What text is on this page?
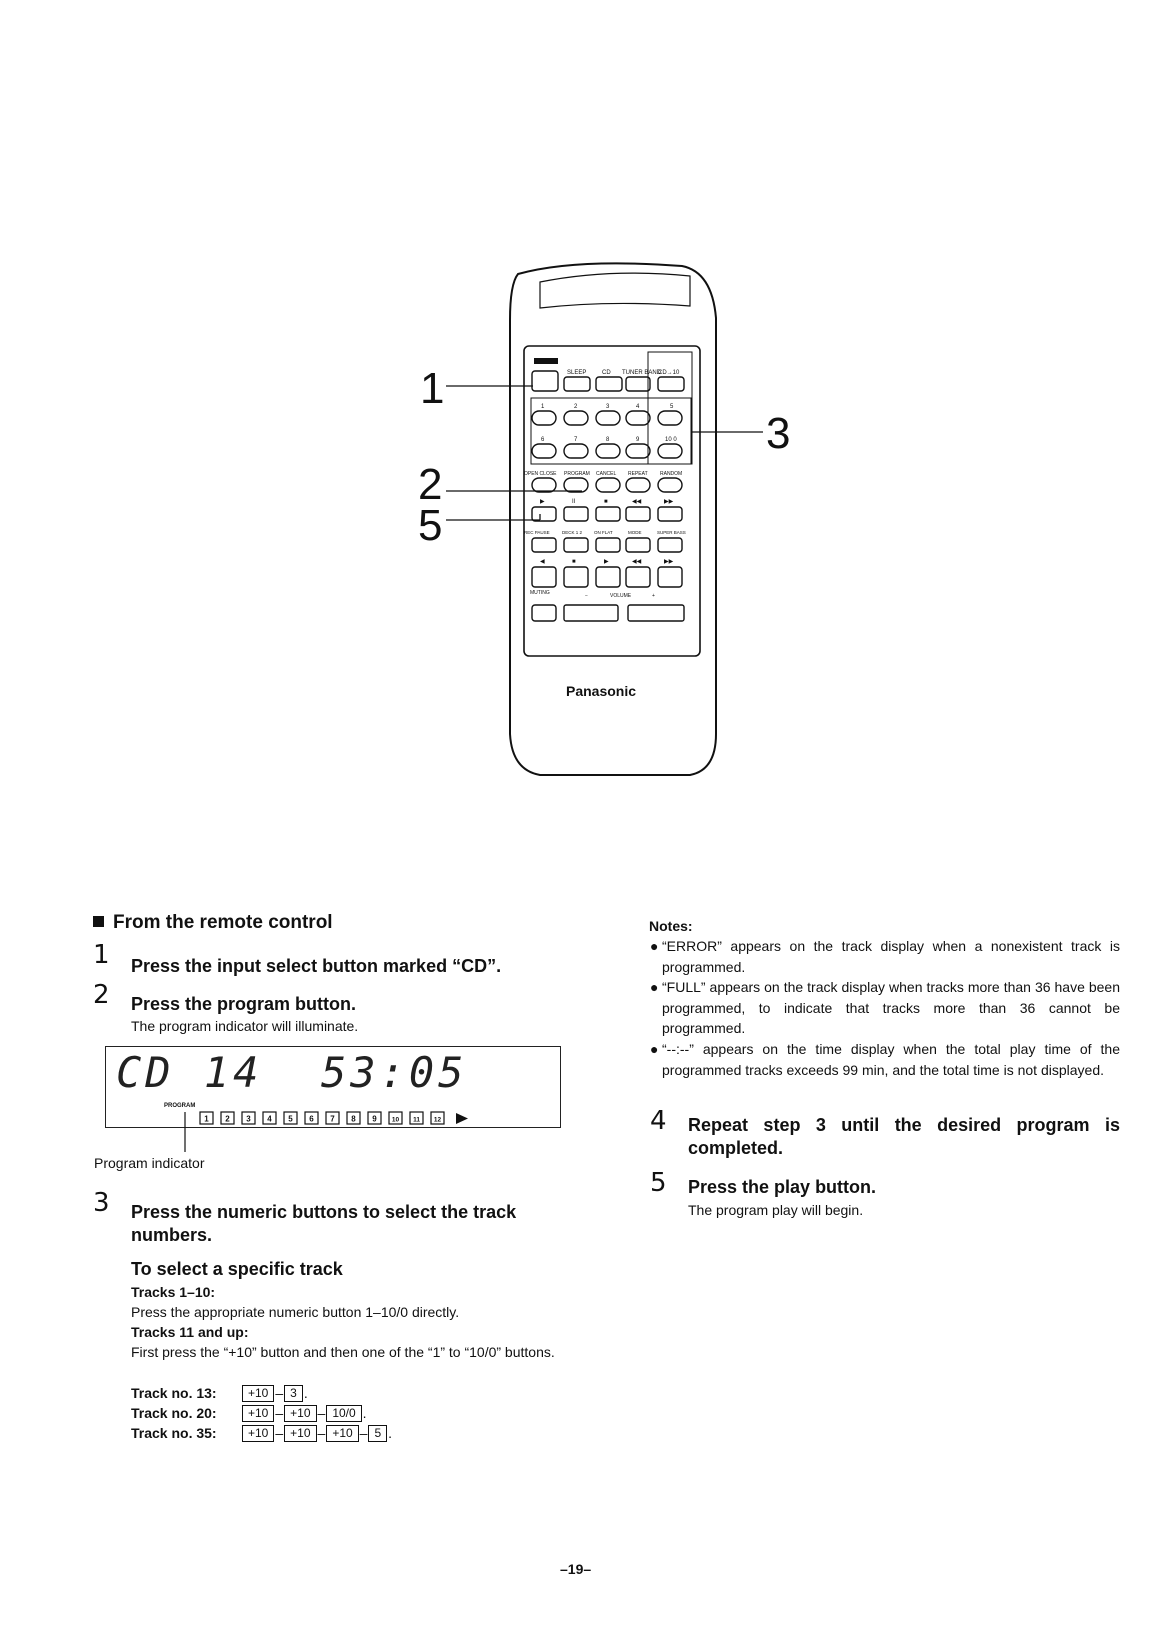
SLEEP	CD TUNER BAND
CD→10
1	2	3	4	5
6	7	8	9	10 0
OPEN CLOSE PROGRAM CANCEL REPEAT RANDOM
▶	II	■	◀◀	▶▶
REC PAUSE	DECK 1 2	ON FLAT	MODE	SUPER BASS
◀	■	▶	◀◀	▶▶
MUTING	−	VOLUME	+
Panasonic
1
2
5
3
From the remote control
1 Press the input select button marked “CD”.
2 Press the program button.
The program indicator will illuminate.
CD 14  53:05
PROGRAM
1 2 3 4 5 6 7 8 9 10 11 12
Program indicator
3 Press the numeric buttons to select the track numbers.
To select a specific track
Tracks 1–10:
Press the appropriate numeric button 1–10/0 directly.
Tracks 11 and up:
First press the “+10” button and then one of the “1” to “10/0” buttons.
Track no. 13:	+10 – 3 .
Track no. 20:	+10 – +10 – 10/0 .
Track no. 35:	+10 – +10 – +10 – 5 .
Notes:
● “ERROR” appears on the track display when a nonexistent track is programmed.
● “FULL” appears on the track display when tracks more than 36 have been programmed, to indicate that tracks more than 36 cannot be programmed.
● “--:--” appears on the time display when the total play time of the programmed tracks exceeds 99 min, and the total time is not displayed.
4 Repeat step 3 until the desired program is completed.
5 Press the play button.
The program play will begin.
–19–
